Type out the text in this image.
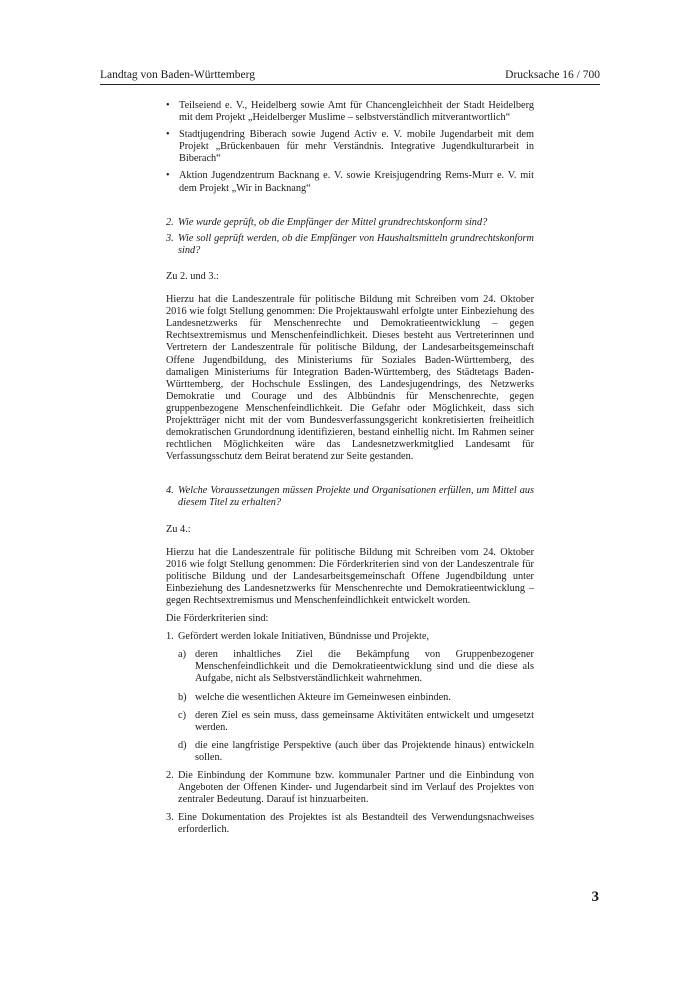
Landtag von Baden-Württemberg	Drucksache 16 / 700
• Teilseiend e. V., Heidelberg sowie Amt für Chancengleichheit der Stadt Heidelberg mit dem Projekt „Heidelberger Muslime – selbstverständlich mitverantwortlich“
• Stadtjugendring Biberach sowie Jugend Activ e. V. mobile Jugendarbeit mit dem Projekt „Brückenbauen für mehr Verständnis. Integrative Jugendkulturarbeit in Biberach“
• Aktion Jugendzentrum Backnang e. V. sowie Kreisjugendring Rems-Murr e. V. mit dem Projekt „Wir in Backnang“
2. Wie wurde geprüft, ob die Empfänger der Mittel grundrechtskonform sind?
3. Wie soll geprüft werden, ob die Empfänger von Haushaltsmitteln grundrechtskonform sind?

Zu 2. und 3.:

Hierzu hat die Landeszentrale für politische Bildung mit Schreiben vom 24. Oktober 2016 wie folgt Stellung genommen: Die Projektauswahl erfolgte unter Einbeziehung des Landesnetzwerks für Menschenrechte und Demokratieentwicklung – gegen Rechtsextremismus und Menschenfeindlichkeit. Dieses besteht aus Vertreterinnen und Vertretern der Landeszentrale für politische Bildung, der Landesarbeitsgemeinschaft Offene Jugendbildung, des Ministeriums für Soziales Baden-Württemberg, des damaligen Ministeriums für Integration Baden-Württemberg, des Städtetags Baden-Württemberg, der Hochschule Esslingen, des Landesjugendrings, des Netzwerks Demokratie und Courage und des Albbündnis für Menschenrechte, gegen gruppenbezogene Menschenfeindlichkeit. Die Gefahr oder Möglichkeit, dass sich Projektträger nicht mit der vom Bundesverfassungsgericht konkretisierten freiheitlich demokratischen Grundordnung identifizieren, bestand einhellig nicht. Im Rahmen seiner rechtlichen Möglichkeiten wäre das Landesnetzwerkmitglied Landesamt für Verfassungsschutz dem Beirat beratend zur Seite gestanden.

4. Welche Voraussetzungen müssen Projekte und Organisationen erfüllen, um Mittel aus diesem Titel zu erhalten?

Zu 4.:

Hierzu hat die Landeszentrale für politische Bildung mit Schreiben vom 24. Oktober 2016 wie folgt Stellung genommen: Die Förderkriterien sind von der Landeszentrale für politische Bildung und der Landesarbeitsgemeinschaft Offene Jugendbildung unter Einbeziehung des Landesnetzwerks für Menschenrechte und Demokratieentwicklung – gegen Rechtsextremismus und Menschenfeindlichkeit entwickelt worden.

Die Förderkriterien sind:

1. Gefördert werden lokale Initiativen, Bündnisse und Projekte,
a) deren inhaltliches Ziel die Bekämpfung von Gruppenbezogener Menschenfeindlichkeit und die Demokratieentwicklung sind und die diese als Aufgabe, nicht als Selbstverständlichkeit wahrnehmen.
b) welche die wesentlichen Akteure im Gemeinwesen einbinden.
c) deren Ziel es sein muss, dass gemeinsame Aktivitäten entwickelt und umgesetzt werden.
d) die eine langfristige Perspektive (auch über das Projektende hinaus) entwickeln sollen.
2. Die Einbindung der Kommune bzw. kommunaler Partner und die Einbindung von Angeboten der Offenen Kinder- und Jugendarbeit sind im Verlauf des Projektes von zentraler Bedeutung. Darauf ist hinzuarbeiten.
3. Eine Dokumentation des Projektes ist als Bestandteil des Verwendungsnachweises erforderlich.
3
